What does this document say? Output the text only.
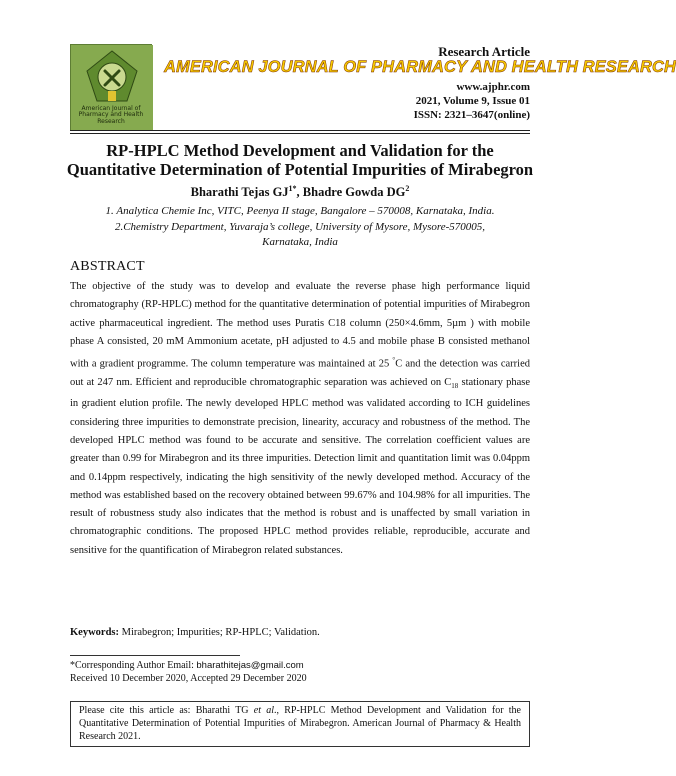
American Journal of Pharmacy and Health Research
Research Article
AMERICAN JOURNAL OF PHARMACY AND HEALTH RESEARCH
www.ajphr.com
2021, Volume 9, Issue 01
ISSN: 2321–3647(online)
RP-HPLC Method Development and Validation for the
Quantitative Determination of Potential Impurities of Mirabegron
Bharathi Tejas $GJ^{1*}$, Bhadre Gowda $DG^2$
1. Analytica Chemie Inc, VITC, Peenya II stage, Bangalore – 570008, Karnataka, India.
2.Chemistry Department, Yuvaraja’s college, University of Mysore, Mysore-570005,
Karnataka, India
ABSTRACT
The objective of the study was to develop and evaluate the reverse phase high performance liquid chromatography (RP-HPLC) method for the quantitative determination of potential impurities of Mirabegron active pharmaceutical ingredient. The method uses Puratis C18 column (250×4.6mm, 5µm ) with mobile phase A consisted, 20 mM Ammonium acetate, pH adjusted to 4.5 and mobile phase B consisted methanol with a gradient programme. The column temperature was maintained at 25 °C and the detection was carried out at 247 nm. Efficient and reproducible chromatographic separation was achieved on $C_{18}$ stationary phase in gradient elution profile. The newly developed HPLC method was validated according to ICH guidelines considering three impurities to demonstrate precision, linearity, accuracy and robustness of the method. The developed HPLC method was found to be accurate and sensitive. The correlation coefficient values are greater than 0.99 for Mirabegron and its three impurities. Detection limit and quantitation limit was 0.04ppm and 0.14ppm respectively, indicating the high sensitivity of the newly developed method. Accuracy of the method was established based on the recovery obtained between 99.67% and 104.98% for all impurities. The result of robustness study also indicates that the method is robust and is unaffected by small variation in chromatographic conditions. The proposed HPLC method provides reliable, reproducible, accurate and sensitive for the quantification of Mirabegron related substances.
Keywords: Mirabegron; Impurities; RP-HPLC; Validation.
*Corresponding Author Email: bharathitejas@gmail.com
Received 10 December 2020, Accepted 29 December 2020
Please cite this article as: Bharathi TG et al., RP-HPLC Method Development and Validation for the Quantitative Determination of Potential Impurities of Mirabegron. American Journal of Pharmacy & Health Research 2021.
